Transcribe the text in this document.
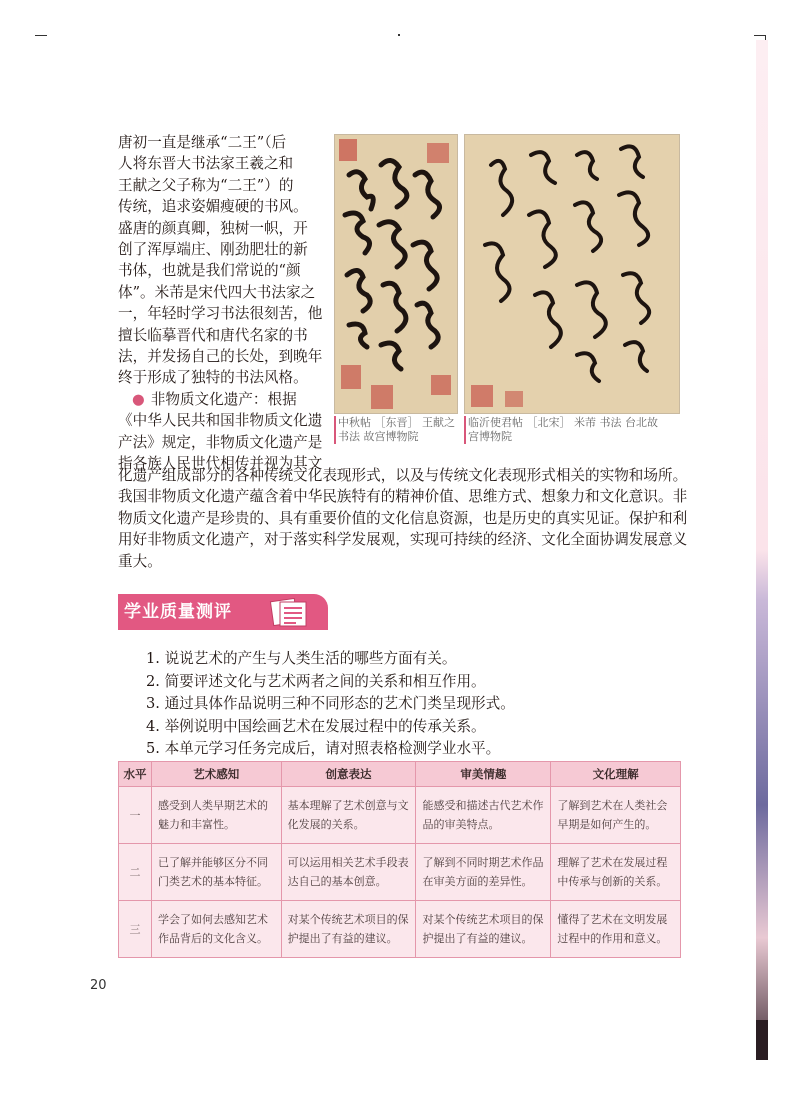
唐初一直是继承“二王”（后
人将东晋大书法家王羲之和
王献之父子称为“二王”）的
传统，追求姿媚瘦硬的书风。
盛唐的颜真卿，独树一帜，开
创了浑厚端庄、刚劲肥壮的新
书体，也就是我们常说的“颜
体”。米芾是宋代四大书法家之
一，年轻时学习书法很刻苦，他
擅长临摹晋代和唐代名家的书
法，并发扬自己的长处，到晚年
终于形成了独特的书法风格。
● 非物质文化遗产：根据
《中华人民共和国非物质文化遗
产法》规定，非物质文化遗产是
指各族人民世代相传并视为其文
中秋帖 ［东晋］ 王献之
书法 故宫博物院
临沂使君帖 ［北宋］ 米芾 书法 台北故
宫博物院
化遗产组成部分的各种传统文化表现形式，以及与传统文化表现形式相关的实物和场所。
我国非物质文化遗产蕴含着中华民族特有的精神价值、思维方式、想象力和文化意识。非
物质文化遗产是珍贵的、具有重要价值的文化信息资源，也是历史的真实见证。保护和利
用好非物质文化遗产，对于落实科学发展观，实现可持续的经济、文化全面协调发展意义
重大。
学业质量测评
1. 说说艺术的产生与人类生活的哪些方面有关。
2. 简要评述文化与艺术两者之间的关系和相互作用。
3. 通过具体作品说明三种不同形态的艺术门类呈现形式。
4. 举例说明中国绘画艺术在发展过程中的传承关系。
5. 本单元学习任务完成后，请对照表格检测学业水平。
水平	艺术感知	创意表达	审美情趣	文化理解
一	感受到人类早期艺术的魅力和丰富性。	基本理解了艺术创意与文化发展的关系。	能感受和描述古代艺术作品的审美特点。	了解到艺术在人类社会早期是如何产生的。
二	已了解并能够区分不同门类艺术的基本特征。	可以运用相关艺术手段表达自己的基本创意。	了解到不同时期艺术作品在审美方面的差异性。	理解了艺术在发展过程中传承与创新的关系。
三	学会了如何去感知艺术作品背后的文化含义。	对某个传统艺术项目的保护提出了有益的建议。	对某个传统艺术项目的保护提出了有益的建议。	懂得了艺术在文明发展过程中的作用和意义。
20
